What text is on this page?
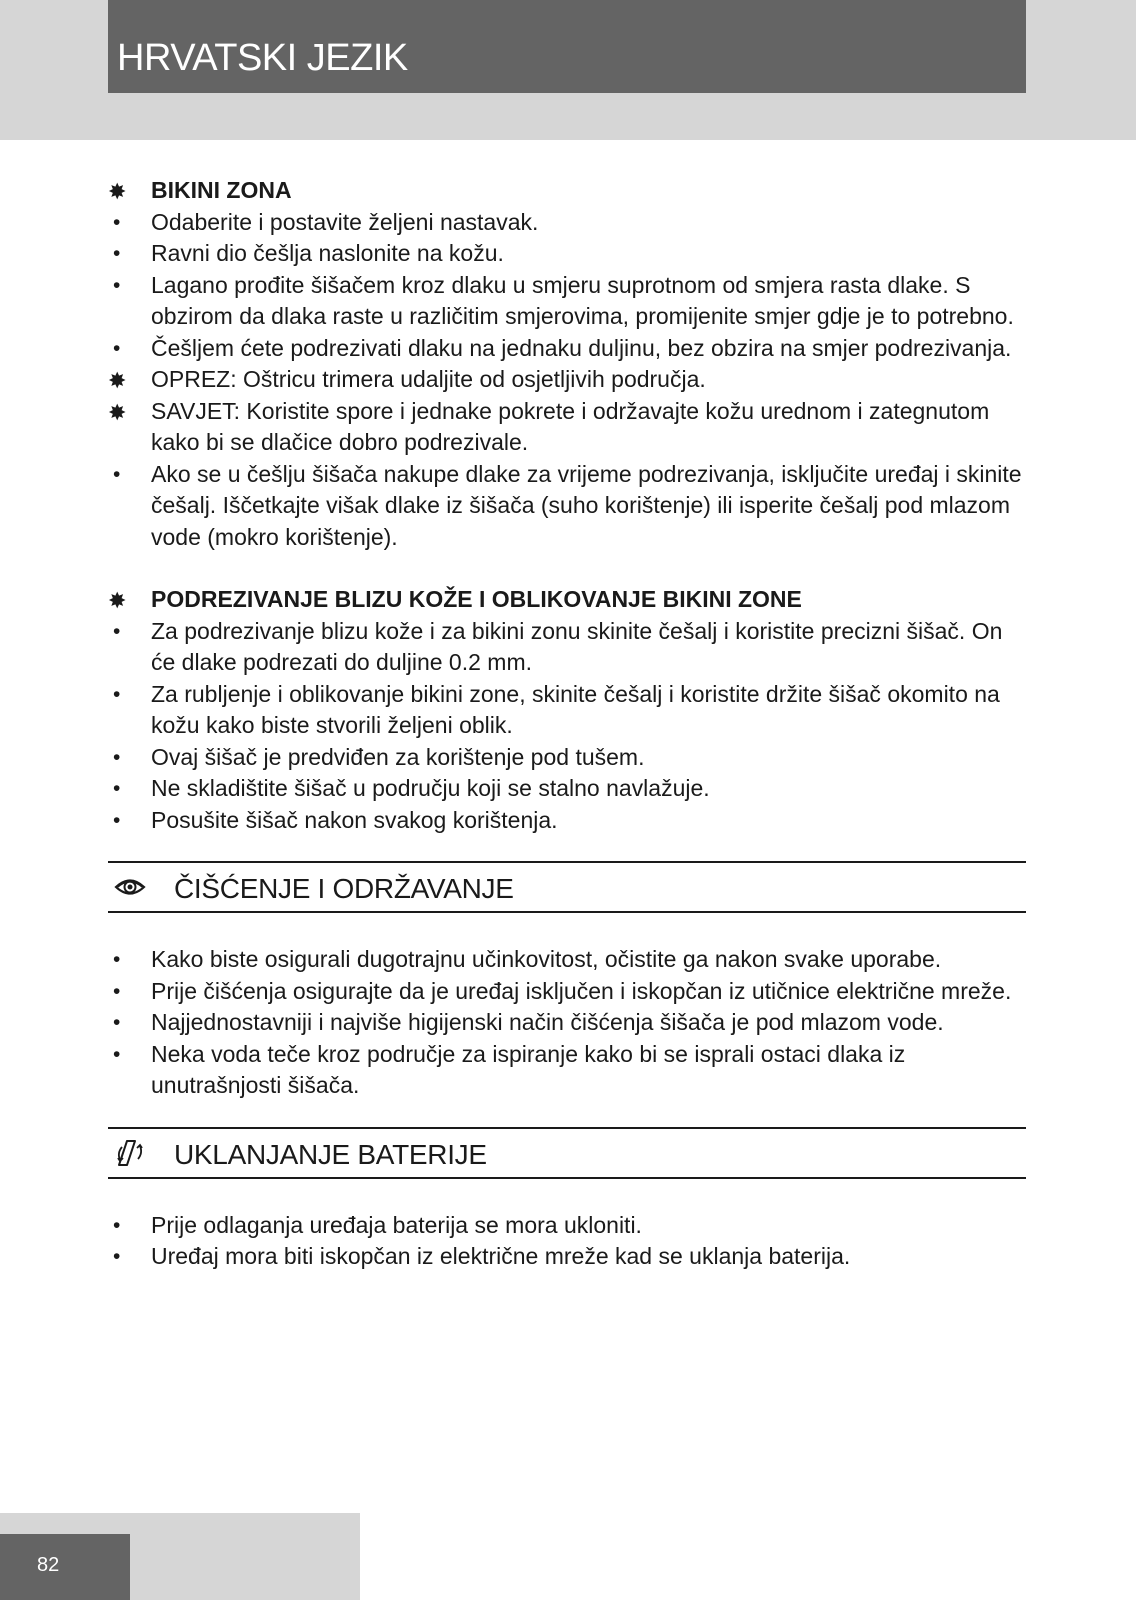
HRVATSKI JEZIK
✸	BIKINI ZONA
•	Odaberite i postavite željeni nastavak.
•	Ravni dio češlja naslonite na kožu.
•	Lagano prođite šišačem kroz dlaku u smjeru suprotnom od smjera rasta dlake. S obzirom da dlaka raste u različitim smjerovima, promijenite smjer gdje je to potrebno.
•	Češljem ćete podrezivati dlaku na jednaku duljinu, bez obzira na smjer podrezivanja.
✸	OPREZ: Oštricu trimera udaljite od osjetljivih područja.
✸	SAVJET: Koristite spore i jednake pokrete i održavajte kožu urednom i zategnutom kako bi se dlačice dobro podrezivale.
•	Ako se u češlju šišača nakupe dlake za vrijeme podrezivanja, isključite uređaj i skinite češalj. Iščetkajte višak dlake iz šišača (suho korištenje) ili isperite češalj pod mlazom vode (mokro korištenje).
✸	PODREZIVANJE BLIZU KOŽE I OBLIKOVANJE BIKINI ZONE
•	Za podrezivanje blizu kože i za bikini zonu skinite češalj i koristite precizni šišač. On će dlake podrezati do duljine 0.2 mm.
•	Za rubljenje i oblikovanje bikini zone, skinite češalj i koristite držite šišač okomito na kožu kako biste stvorili željeni oblik.
•	Ovaj šišač je predviđen za korištenje pod tušem.
•	Ne skladištite šišač u području koji se stalno navlažuje.
•	Posušite šišač nakon svakog korištenja.
ČIŠĆENJE I ODRŽAVANJE
•	Kako biste osigurali dugotrajnu učinkovitost, očistite ga nakon svake uporabe.
•	Prije čišćenja osigurajte da je uređaj isključen i iskopčan iz utičnice električne mreže.
•	Najjednostavniji i najviše higijenski način čišćenja šišača je pod mlazom vode.
•	Neka voda teče kroz područje za ispiranje kako bi se isprali ostaci dlaka iz unutrašnjosti šišača.
UKLANJANJE BATERIJE
•	Prije odlaganja uređaja baterija se mora ukloniti.
•	Uređaj mora biti iskopčan iz električne mreže kad se uklanja baterija.
82
